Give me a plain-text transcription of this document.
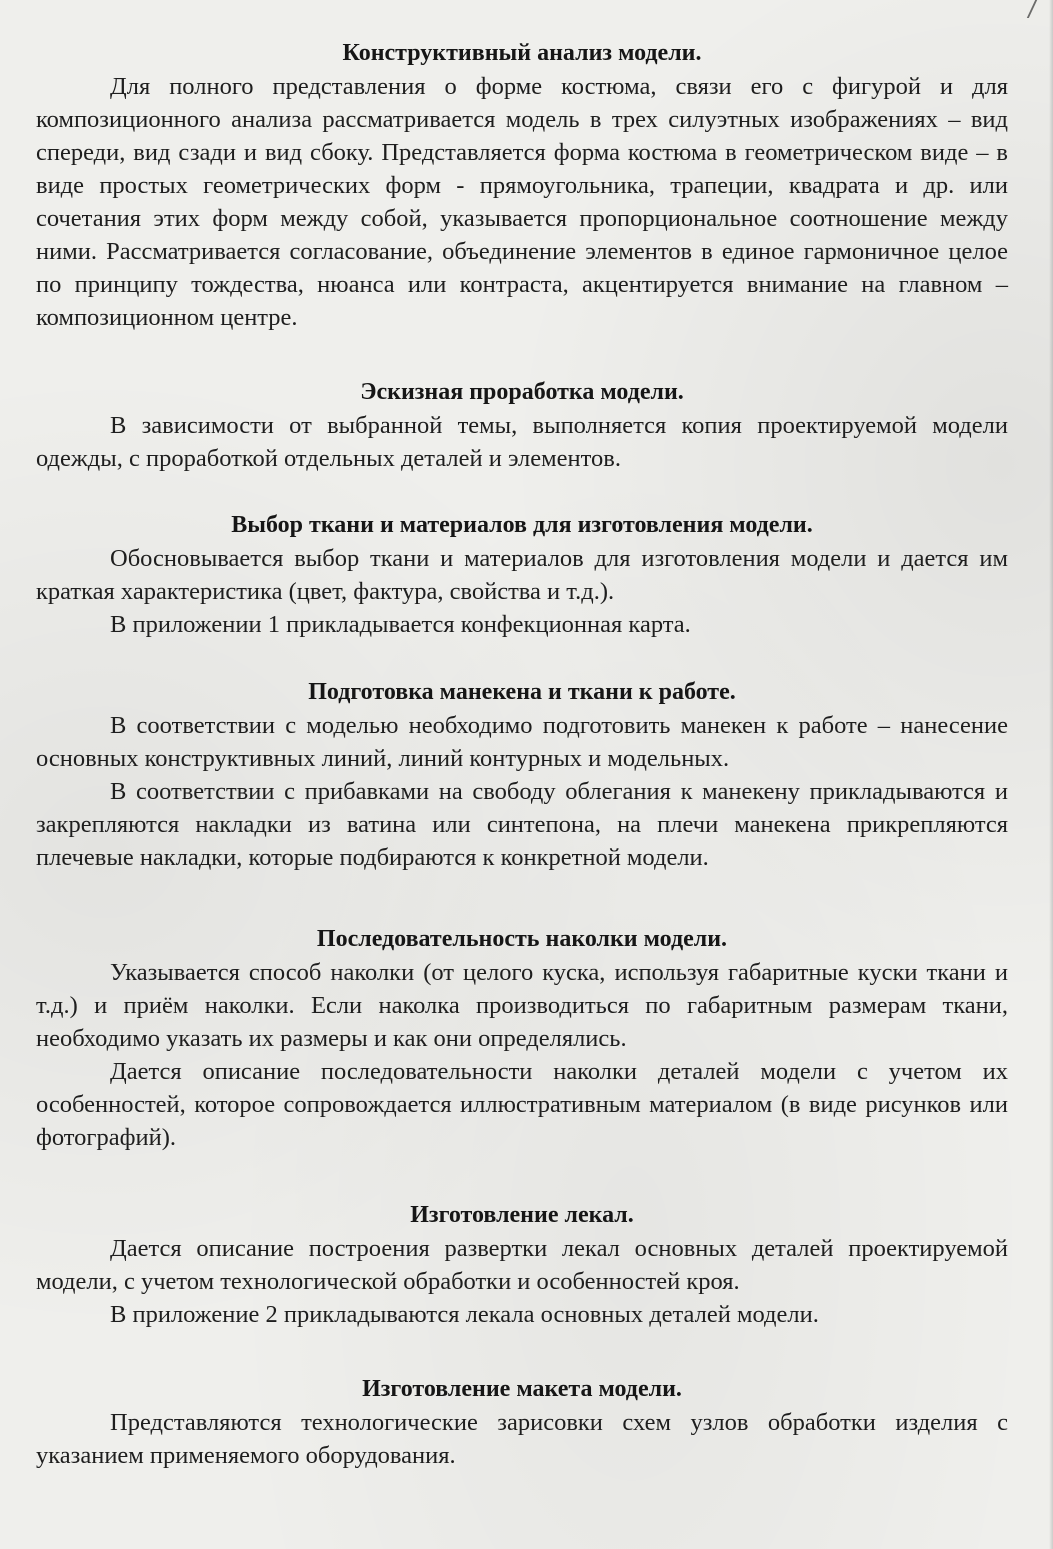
Конструктивный анализ модели.

Для полного представления о форме костюма, связи его с фигурой и для композиционного анализа рассматривается модель в трех силуэтных изображениях – вид спереди, вид сзади и вид сбоку. Представляется форма костюма в геометрическом виде – в виде простых геометрических форм - прямоугольника, трапеции, квадрата и др. или сочетания этих форм между собой, указывается пропорциональное соотношение между ними. Рассматривается согласование, объединение элементов в единое гармоничное целое по принципу тождества, нюанса или контраста, акцентируется внимание на главном – композиционном центре.

Эскизная проработка модели.

В зависимости от выбранной темы, выполняется копия проектируемой модели одежды, с проработкой отдельных деталей и элементов.

Выбор ткани и материалов для изготовления модели.

Обосновывается выбор ткани и материалов для изготовления модели и дается им краткая характеристика (цвет, фактура, свойства и т.д.).

В приложении 1 прикладывается конфекционная карта.

Подготовка манекена и ткани к работе.

В соответствии с моделью необходимо подготовить манекен к работе – нанесение основных конструктивных линий, линий контурных и модельных.

В соответствии с прибавками на свободу облегания к манекену прикладываются и закрепляются накладки из ватина или синтепона, на плечи манекена прикрепляются плечевые накладки, которые подбираются к конкретной модели.

Последовательность наколки модели.

Указывается способ наколки (от целого куска, используя габаритные куски ткани и т.д.) и приём наколки. Если наколка производиться по габаритным размерам ткани, необходимо указать их размеры и как они определялись.

Дается описание последовательности наколки деталей модели с учетом их особенностей, которое сопровождается иллюстративным материалом (в виде рисунков или фотографий).

Изготовление лекал.

Дается описание построения развертки лекал основных деталей проектируемой модели, с учетом технологической обработки и особенностей кроя.

В приложение 2 прикладываются лекала основных деталей модели.

Изготовление макета модели.

Представляются технологические зарисовки схем узлов обработки изделия с указанием применяемого оборудования.
